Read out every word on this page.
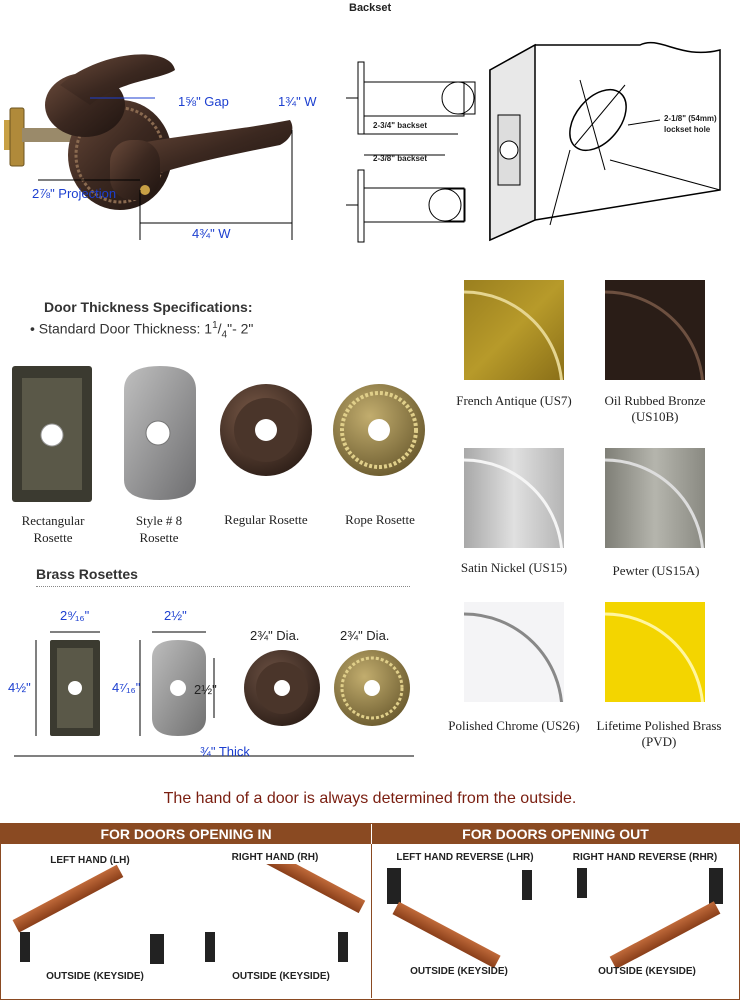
1⅝" Gap	1¾" W
2⅞" Projection
4¾" W
Backset
2-3/4" backset
2-3/8" backset
2-1/8" (54mm) lockset hole
Door Thickness Specifications:
• Standard Door Thickness: $1^1/_4"-$ 2"
Rectangular Rosette
Style # 8 Rosette
Regular Rosette	Rope Rosette
Brass Rosettes
2⁹⁄₁₆"	2½"
4½"	4⁷⁄₁₆"	2½"
2¾" Dia.	2¾" Dia.
¾" Thick
French Antique (US7)	Oil Rubbed Bronze (US10B)
Satin Nickel (US15)	Pewter (US15A)
Polished Chrome (US26)	Lifetime Polished Brass (PVD)
The hand of a door is always determined from the outside.
FOR DOORS OPENING IN	FOR DOORS OPENING OUT
LEFT HAND (LH)	RIGHT HAND (RH)	LEFT HAND REVERSE (LHR)	RIGHT HAND REVERSE (RHR)
OUTSIDE (KEYSIDE)	OUTSIDE (KEYSIDE)	OUTSIDE (KEYSIDE)	OUTSIDE (KEYSIDE)
